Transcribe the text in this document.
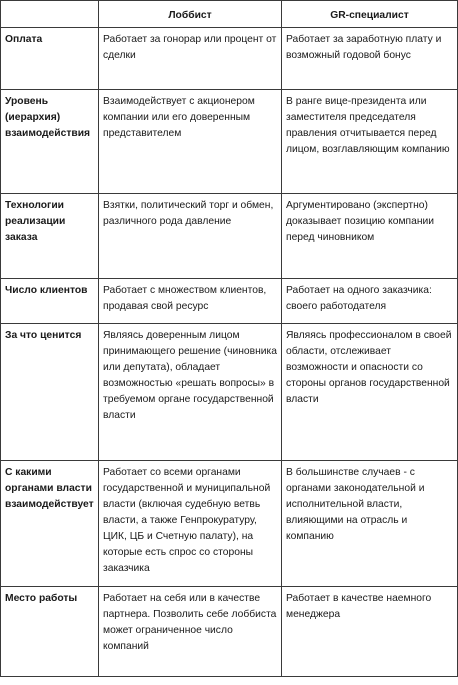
	Лоббист	GR-специалист
Оплата	Работает за гонорар или процент от сделки	Работает за заработную плату и возможный годовой бонус
Уровень (иерархия) взаимодействия	Взаимодействует с акционером компании или его доверенным представителем	В ранге вице-президента или заместителя председателя правления отчитывается перед лицом, возглавляющим компанию
Технологии реализации заказа	Взятки, политический торг и обмен, различного рода давление	Аргументировано (экспертно) доказывает позицию компании перед чиновником
Число клиентов	Работает с множеством клиентов, продавая свой ресурс	Работает на одного заказчика: своего работодателя
За что ценится	Являясь доверенным лицом принимающего решение (чиновника или депутата), обладает возможностью «решать вопросы» в требуемом органе государственной власти	Являясь профессионалом в своей области, отслеживает возможности и опасности со стороны органов государственной власти
С какими органами власти взаимодействует	Работает со всеми органами государственной и муниципальной власти (включая судебную ветвь власти, а также Генпрокуратуру, ЦИК, ЦБ и Счетную палату), на которые есть спрос со стороны заказчика	В большинстве случаев - с органами законодательной и исполнительной власти, влияющими на отрасль и компанию
Место работы	Работает на себя или в качестве партнера. Позволить себе лоббиста может ограниченное число компаний	Работает в качестве наемного менеджера
